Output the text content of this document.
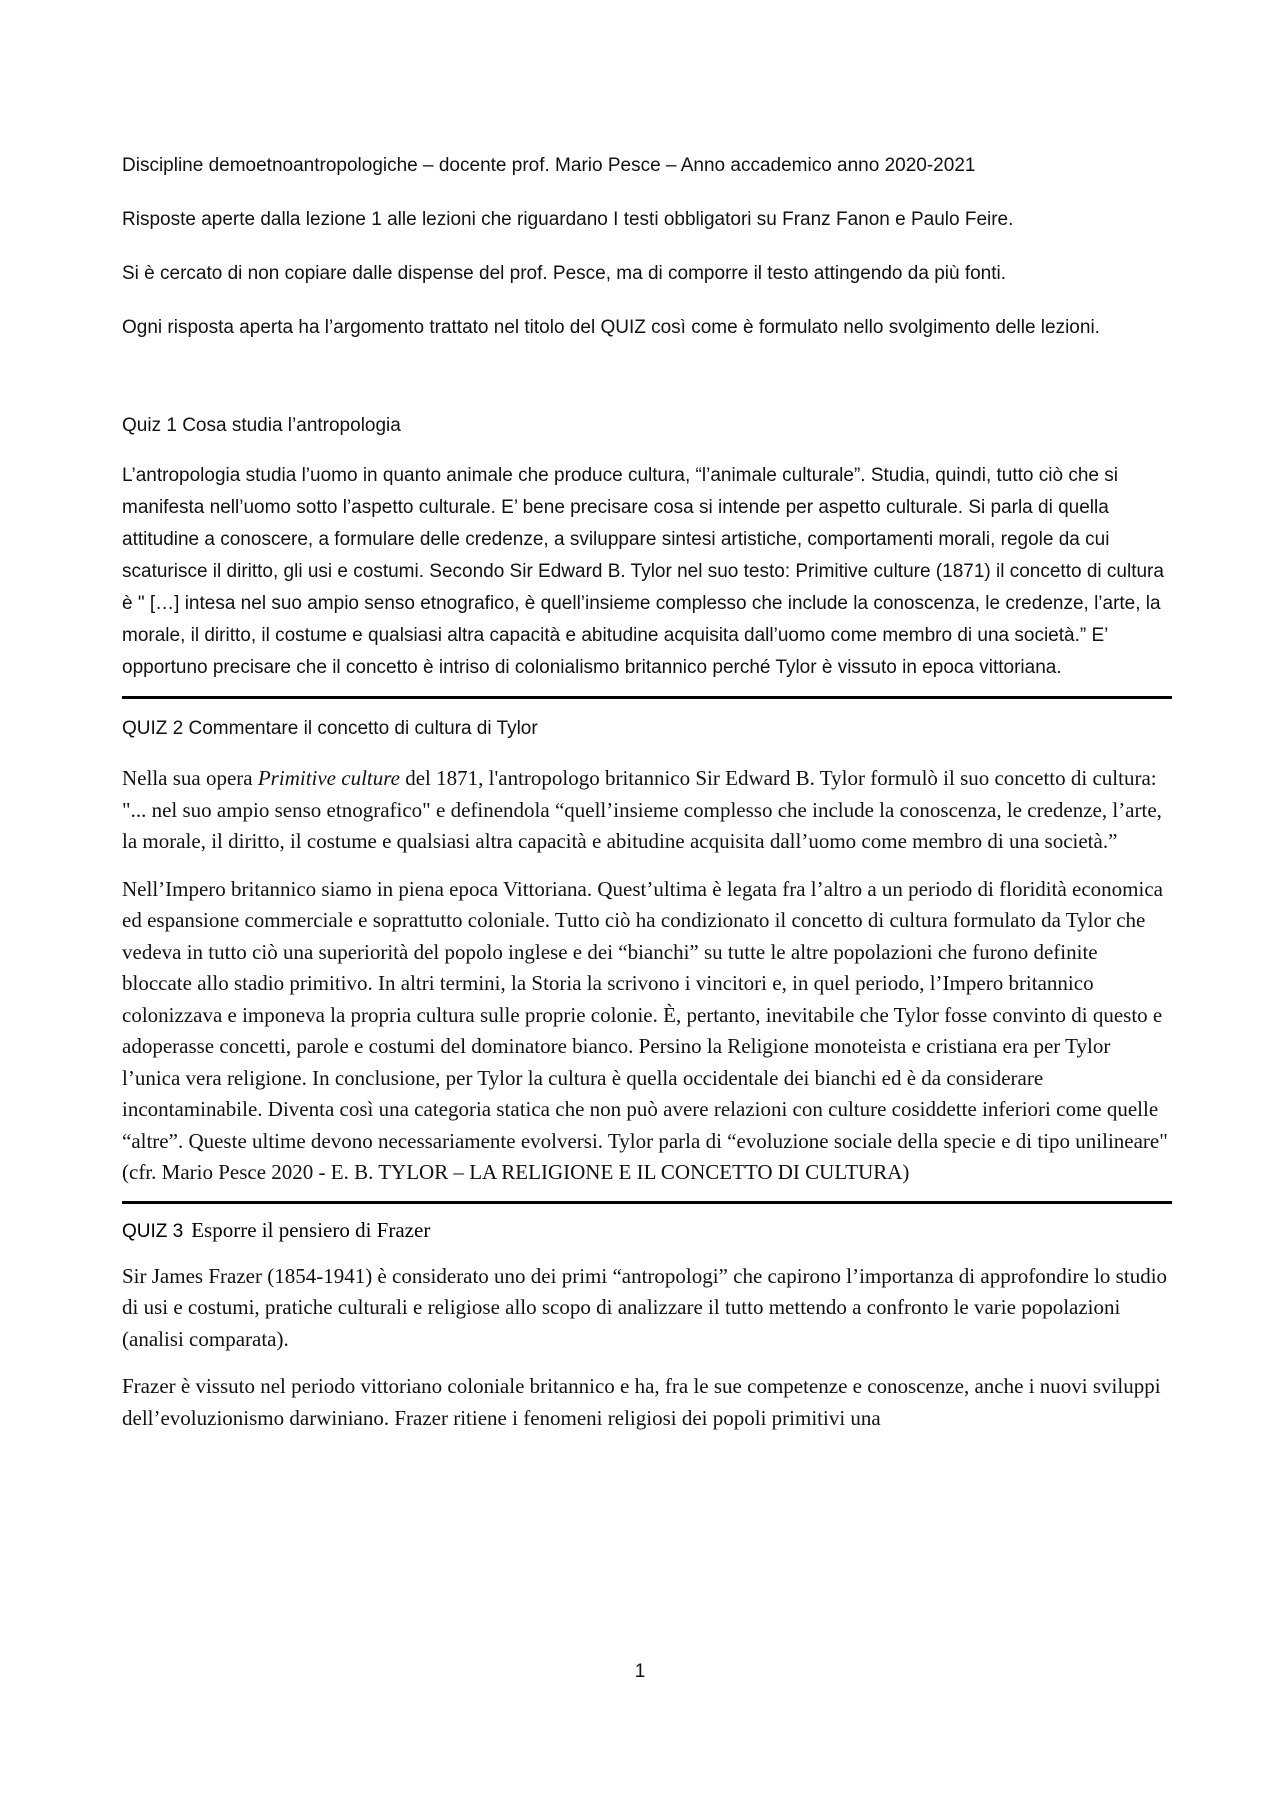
Discipline demoetnoantropologiche – docente prof. Mario Pesce – Anno accademico anno 2020-2021

Risposte aperte dalla lezione 1 alle lezioni che riguardano I testi obbligatori su Franz Fanon e Paulo Feire.

Si è cercato di non copiare dalle dispense del prof. Pesce, ma di comporre il testo attingendo da più fonti.

Ogni risposta aperta ha l’argomento trattato nel titolo del QUIZ così come è formulato nello svolgimento delle lezioni.

Quiz 1 Cosa studia l’antropologia

L’antropologia studia l’uomo in quanto animale che produce cultura, “l’animale culturale”. Studia, quindi, tutto ciò che si manifesta nell’uomo sotto l’aspetto culturale. E’ bene precisare cosa si intende per aspetto culturale. Si parla di quella attitudine a conoscere, a formulare delle credenze, a sviluppare sintesi artistiche, comportamenti morali, regole da cui scaturisce il diritto, gli usi e costumi. Secondo Sir Edward B. Tylor nel suo testo: Primitive culture (1871) il concetto di cultura è " […] intesa nel suo ampio senso etnografico, è quell’insieme complesso che include la conoscenza, le credenze, l’arte, la morale, il diritto, il costume e qualsiasi altra capacità e abitudine acquisita dall’uomo come membro di una società.” E’ opportuno precisare che il concetto è intriso di colonialismo britannico perché Tylor è vissuto in epoca vittoriana.

QUIZ 2 Commentare il concetto di cultura di Tylor

Nella sua opera Primitive culture del 1871, l'antropologo britannico Sir Edward B. Tylor formulò il suo concetto di cultura: "... nel suo ampio senso etnografico" e definendola “quell’insieme complesso che include la conoscenza, le credenze, l’arte, la morale, il diritto, il costume e qualsiasi altra capacità e abitudine acquisita dall’uomo come membro di una società.”

Nell’Impero britannico siamo in piena epoca Vittoriana. Quest’ultima è legata fra l’altro a un periodo di floridità economica ed espansione commerciale e soprattutto coloniale. Tutto ciò ha condizionato il concetto di cultura formulato da Tylor che vedeva in tutto ciò una superiorità del popolo inglese e dei “bianchi” su tutte le altre popolazioni che furono definite bloccate allo stadio primitivo. In altri termini, la Storia la scrivono i vincitori e, in quel periodo, l’Impero britannico colonizzava e imponeva la propria cultura sulle proprie colonie. È, pertanto, inevitabile che Tylor fosse convinto di questo e adoperasse concetti, parole e costumi del dominatore bianco. Persino la Religione monoteista e cristiana era per Tylor l’unica vera religione. In conclusione, per Tylor la cultura è quella occidentale dei bianchi ed è da considerare incontaminabile. Diventa così una categoria statica che non può avere relazioni con culture cosiddette inferiori come quelle “altre”. Queste ultime devono necessariamente evolversi. Tylor parla di “evoluzione sociale della specie e di tipo unilineare" (cfr. Mario Pesce 2020 - E. B. TYLOR – LA RELIGIONE E IL CONCETTO DI CULTURA)

QUIZ 3 Esporre il pensiero di Frazer

Sir James Frazer (1854-1941) è considerato uno dei primi “antropologi” che capirono l’importanza di approfondire lo studio di usi e costumi, pratiche culturali e religiose allo scopo di analizzare il tutto mettendo a confronto le varie popolazioni (analisi comparata).

Frazer è vissuto nel periodo vittoriano coloniale britannico e ha, fra le sue competenze e conoscenze, anche i nuovi sviluppi dell’evoluzionismo darwiniano. Frazer ritiene i fenomeni religiosi dei popoli primitivi una

1
